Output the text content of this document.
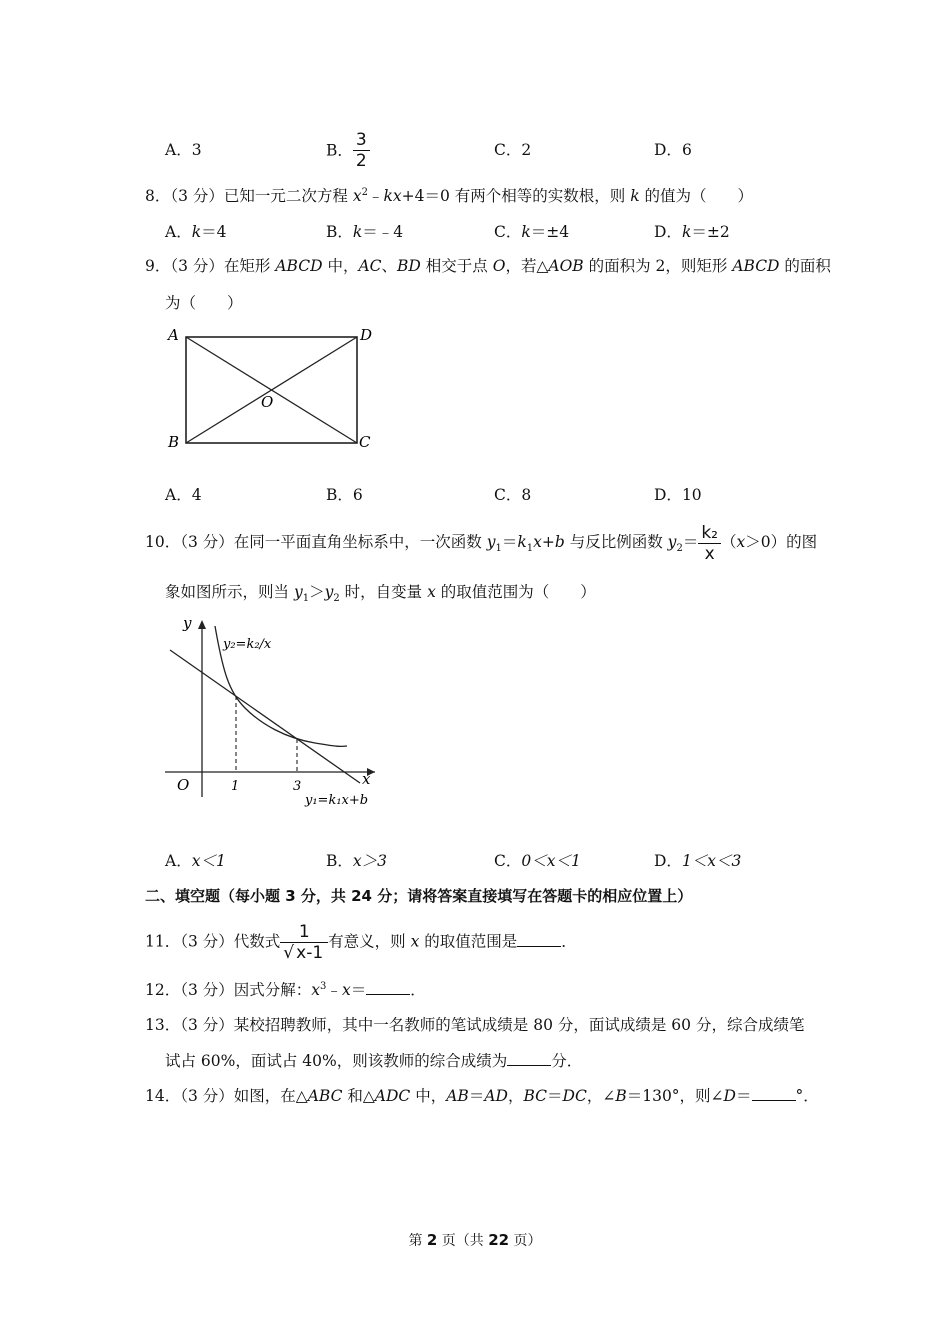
A．3	B． $\frac{3}{2}$	C．2	D．6
8．（3 分）已知一元二次方程 $x^2﹣kx+4=0$ 有两个相等的实数根，则 k 的值为（　　）
A．k＝4	B．k＝﹣4	C．k＝±4	D．k＝±2
9．（3 分）在矩形 ABCD 中，AC、BD 相交于点 O，若△AOB 的面积为 2，则矩形 ABCD 的面积
为（　　）
A	D
B	C
O
A．4	B．6	C．8	D．10
10．（3 分）在同一平面直角坐标系中，一次函数 $y_1=k_1x+b$ 与反比例函数 $y_2= \frac{\text{k₂}}{x} (x>0)$的图
象如图所示，则当 $y_1>y_2$ 时，自变量 x 的取值范围为（　　）
y
x
O	1	3
y₂=k₂/x
y₁=k₁x+b
A．x＜1	B．x＞3	C．0＜x＜1	D．1＜x＜3
二、填空题（每小题 3 分，共 24 分；请将答案直接填写在答题卡的相应位置上）
11．（3 分）代数式 $\frac{1}{√ x-1}$ 有意义，则 x 的取值范围是	．
12．（3 分）因式分解：$x^3﹣x=$	．
13．（3 分）某校招聘教师，其中一名教师的笔试成绩是 80 分，面试成绩是 60 分，综合成绩笔
试占 60%，面试占 40%，则该教师的综合成绩为	分．
14．（3 分）如图，在△ABC 和△ADC 中，AB＝AD，BC＝DC，∠B＝130°，则∠D＝	°．
第 2 页（共 22 页）
